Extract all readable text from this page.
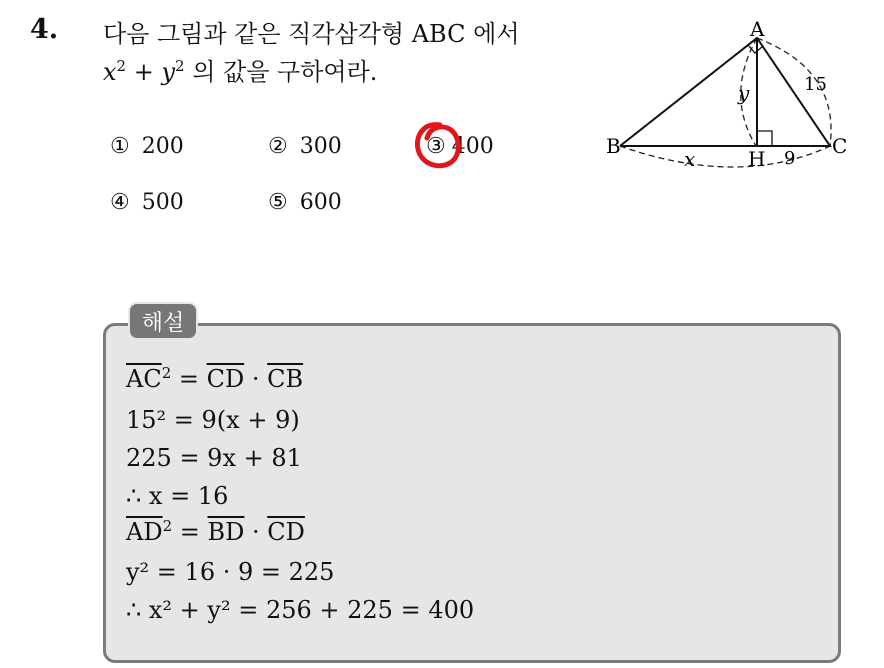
4. 다음 그림과 같은 직각삼각형 ABC 에서
$x^2 + y^2$ 의 값을 구하여라.
① 200	② 300	③ 400
④ 500	⑤ 600
A
B	C
H
x
y	15
9
해설
$\overline{AC}^2 = \overline{CD} \cdot \overline{CB}$
15² = 9(x + 9)
225 = 9x + 81
∴ x = 16
$\overline{AD}^2 = \overline{BD} \cdot \overline{CD}$
y² = 16 · 9 = 225
∴ x² + y² = 256 + 225 = 400
